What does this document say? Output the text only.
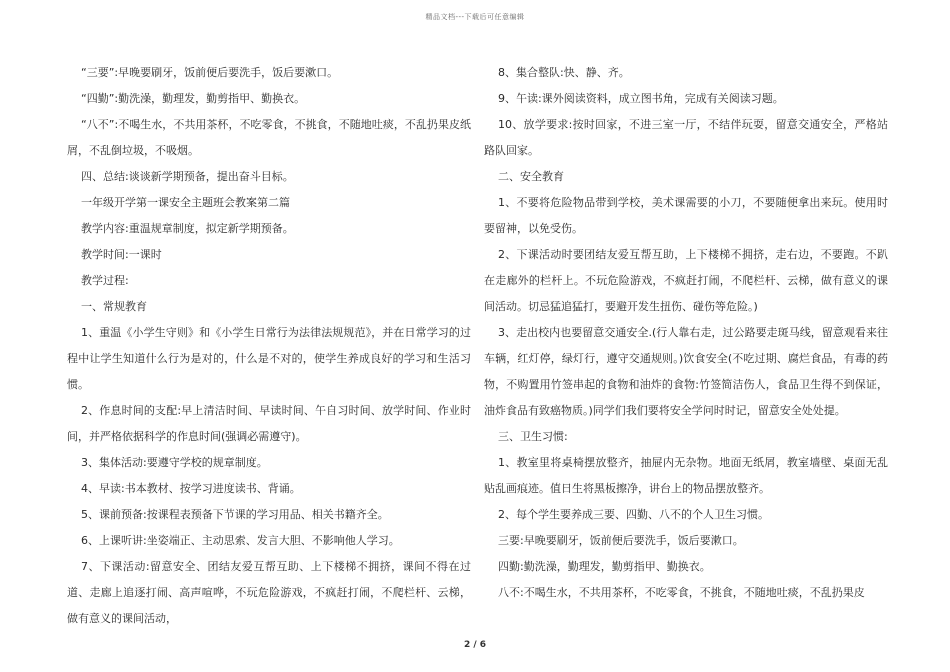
精品文档---下载后可任意编辑

“三要”:早晚要刷牙，饭前便后要洗手，饭后要漱口。

“四勤”:勤洗澡，勤理发，勤剪指甲、勤换衣。

“八不”:不喝生水，不共用茶杯，不吃零食，不挑食，不随地吐痰，不乱扔果皮纸屑，不乱倒垃圾，不吸烟。

四、总结:谈谈新学期预备，提出奋斗目标。

一年级开学第一课安全主题班会教案第二篇

教学内容:重温规章制度，拟定新学期预备。

教学时间:一课时

教学过程:

一、常规教育

1、重温《小学生守则》和《小学生日常行为法律法规规范》，并在日常学习的过程中让学生知道什么行为是对的，什么是不对的，使学生养成良好的学习和生活习惯。

2、作息时间的支配:早上清洁时间、早读时间、午自习时间、放学时间、作业时间，并严格依据科学的作息时间(强调必需遵守)。

3、集体活动:要遵守学校的规章制度。

4、早读:书本教材、按学习进度读书、背诵。

5、课前预备:按课程表预备下节课的学习用品、相关书籍齐全。

6、上课听讲:坐姿端正、主动思索、发言大胆、不影响他人学习。

7、下课活动:留意安全、团结友爱互帮互助、上下楼梯不拥挤，课间不得在过道、走廊上追逐打闹、高声喧哗，不玩危险游戏，不疯赶打闹，不爬栏杆、云梯，做有意义的课间活动，

8、集合整队:快、静、齐。

9、午读:课外阅读资料，成立图书角，完成有关阅读习题。

10、放学要求:按时回家，不进三室一厅，不结伴玩耍，留意交通安全，严格站路队回家。

二、安全教育

1、不要将危险物品带到学校，美术课需要的小刀，不要随便拿出来玩。使用时要留神，以免受伤。

2、下课活动时要团结友爱互帮互助，上下楼梯不拥挤，走右边，不要跑。不趴在走廊外的栏杆上。不玩危险游戏，不疯赶打闹，不爬栏杆、云梯，做有意义的课间活动。切忌猛追猛打，要避开发生扭伤、碰伤等危险。)

3、走出校内也要留意交通安全.(行人靠右走，过公路要走斑马线，留意观看来往车辆，红灯停，绿灯行，遵守交通规则。)饮食安全(不吃过期、腐烂食品，有毒的药物，不购置用竹签串起的食物和油炸的食物:竹签简洁伤人，食品卫生得不到保证，油炸食品有致癌物质。)同学们我们要将安全学问时时记，留意安全处处提。

三、卫生习惯:

1、教室里将桌椅摆放整齐，抽屉内无杂物。地面无纸屑，教室墙壁、桌面无乱贴乱画痕迹。值日生将黑板擦净，讲台上的物品摆放整齐。

2、每个学生要养成三要、四勤、八不的个人卫生习惯。

三要:早晚要刷牙，饭前便后要洗手，饭后要漱口。

四勤:勤洗澡，勤理发，勤剪指甲、勤换衣。

八不:不喝生水，不共用茶杯，不吃零食，不挑食，不随地吐痰，不乱扔果皮

2 / 6
